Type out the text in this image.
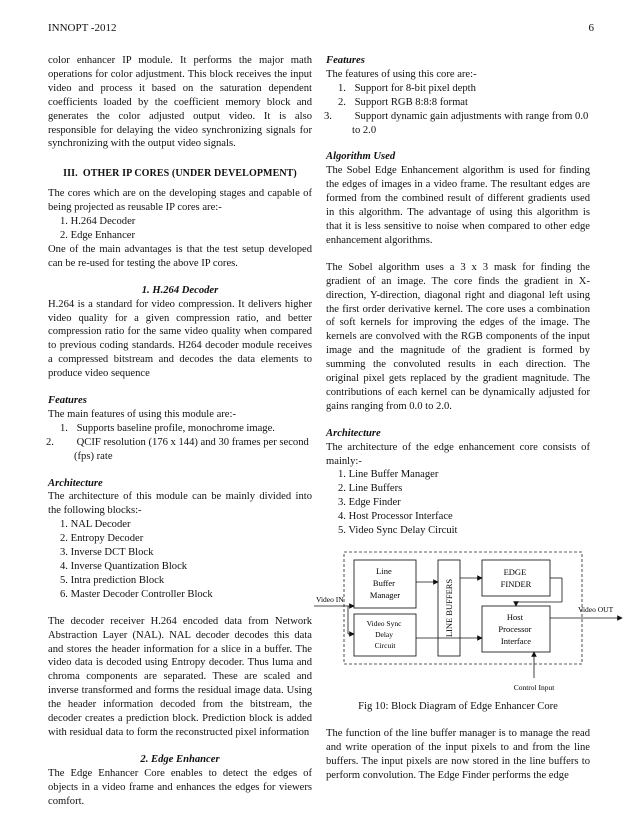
INNOPT -2012	6

color enhancer IP module. It performs the major math operations for color adjustment. This block receives the input video and process it based on the saturation dependent coefficients loaded by the coefficient memory block and generates the color adjusted output video. It is also responsible for delaying the video synchronizing signals for synchronizing with the output video signals.

III. OTHER IP CORES (UNDER DEVELOPMENT)

The cores which are on the developing stages and capable of being projected as reusable IP cores are:-

1. H.264 Decoder
2. Edge Enhancer

One of the main advantages is that the test setup developed can be re-used for testing the above IP cores.

1. H.264 Decoder

H.264 is a standard for video compression. It delivers higher video quality for a given compression ratio, and better compression ratio for the same video quality when compared to previous coding standards. H264 decoder module receives a compressed bitstream and decodes the data elements to produce video sequence

Features

The main features of using this module are:-

1. Supports baseline profile, monochrome image.
2. QCIF resolution (176 x 144) and 30 frames per second (fps) rate

Architecture

The architecture of this module can be mainly divided into the following blocks:-

1. NAL Decoder
2. Entropy Decoder
3. Inverse DCT Block
4. Inverse Quantization Block
5. Intra prediction Block
6. Master Decoder Controller Block

The decoder receiver H.264 encoded data from Network Abstraction Layer (NAL). NAL decoder decodes this data and stores the header information for a slice in a buffer. The video data is decoded using Entropy decoder. Thus luma and chroma components are separated. These are scaled and inverse transformed and forms the residual image data. Using the header information decoded from the bitstream, the decoder creates a prediction block. Prediction block is added with residual data to form the reconstructed pixel information

2. Edge Enhancer

The Edge Enhancer Core enables to detect the edges of objects in a video frame and enhances the edges for viewers comfort.

Features

The features of using this core are:-

1. Support for 8-bit pixel depth
2. Support RGB 8:8:8 format
3. Support dynamic gain adjustments with range from 0.0 to 2.0

Algorithm Used

The Sobel Edge Enhancement algorithm is used for finding the edges of images in a video frame. The resultant edges are formed from the combined result of different gradients used in this algorithm. The advantage of using this algorithm is that it is less sensitive to noise when compared to other edge enhancement algorithms.

The Sobel algorithm uses a 3 x 3 mask for finding the gradient of an image. The core finds the gradient in X-direction, Y-direction, diagonal right and diagonal left using the first order derivative kernel. The core uses a combination of soft kernels for improving the edges of the image. The kernels are convolved with the RGB components of the input image and the magnitude of the gradient is formed by summing the convoluted results in each direction. The original pixel gets replaced by the gradient magnitude. The contributions of each kernel can be dynamically adjusted for gains ranging from 0.0 to 2.0.

Architecture

The architecture of the edge enhancement core consists of mainly:-

1. Line Buffer Manager
2. Line Buffers
3. Edge Finder
4. Host Processor Interface
5. Video Sync Delay Circuit
Line Buffer Manager
Video Sync Delay Circuit
LINE BUFFERS
EDGE FINDER
Host Processor Interface
Video IN
Video OUT
Control Input

Fig 10: Block Diagram of Edge Enhancer Core

The function of the line buffer manager is to manage the read and write operation of the input pixels to and from the line buffers. The input pixels are now stored in the line buffers to perform convolution. The Edge Finder performs the edge
